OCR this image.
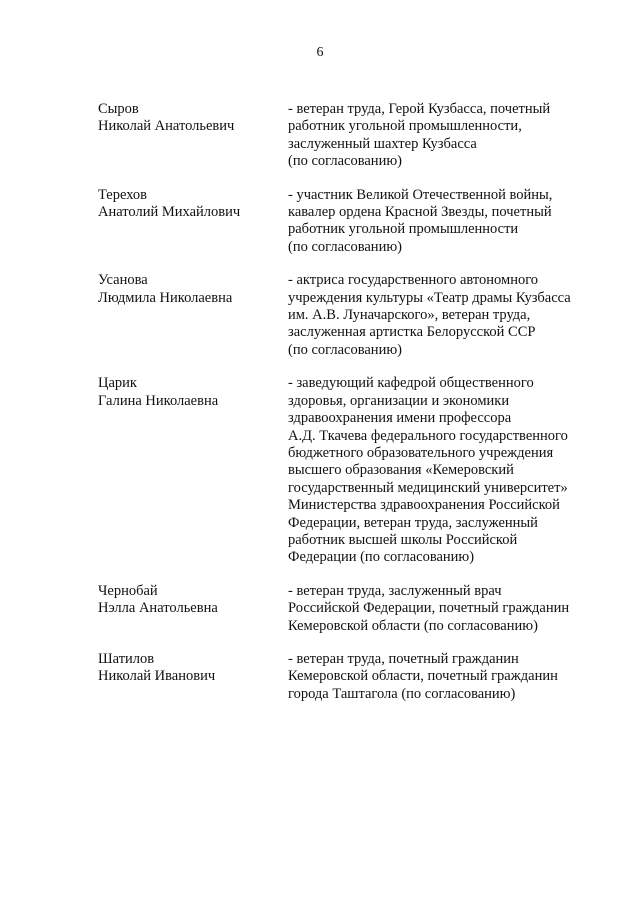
6
Сыров
Николай Анатольевич
- ветеран труда, Герой Кузбасса, почетный
работник угольной промышленности,
заслуженный шахтер Кузбасса
(по согласованию)
Терехов
Анатолий Михайлович
- участник Великой Отечественной войны,
кавалер ордена Красной Звезды, почетный
работник угольной промышленности
(по согласованию)
Усанова
Людмила Николаевна
- актриса государственного автономного
учреждения культуры «Театр драмы Кузбасса
им. А.В. Луначарского», ветеран труда,
заслуженная артистка Белорусской ССР
(по согласованию)
Царик
Галина Николаевна
- заведующий кафедрой общественного
здоровья, организации и экономики
здравоохранения имени профессора
А.Д. Ткачева федерального государственного
бюджетного образовательного учреждения
высшего образования «Кемеровский
государственный медицинский университет»
Министерства здравоохранения Российской
Федерации, ветеран труда, заслуженный
работник высшей школы Российской
Федерации (по согласованию)
Чернобай
Нэлла Анатольевна
- ветеран труда, заслуженный врач
Российской Федерации, почетный гражданин
Кемеровской области (по согласованию)
Шатилов
Николай Иванович
- ветеран труда, почетный гражданин
Кемеровской области, почетный гражданин
города Таштагола (по согласованию)
